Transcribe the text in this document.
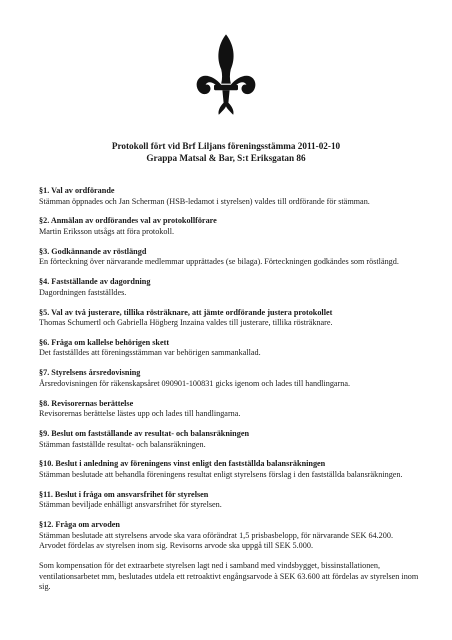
Protokoll fört vid Brf Liljans föreningsstämma 2011-02-10
Grappa Matsal & Bar, S:t Eriksgatan 86
§1. Val av ordförande

Stämman öppnades och Jan Scherman (HSB-ledamot i styrelsen) valdes till ordförande för stämman.

§2. Anmälan av ordförandes val av protokollförare

Martin Eriksson utsågs att föra protokoll.

§3. Godkännande av röstlängd

En förteckning över närvarande medlemmar upprättades (se bilaga). Förteckningen godkändes som röstlängd.

§4. Fastställande av dagordning

Dagordningen fastställdes.

§5. Val av två justerare, tillika rösträknare, att jämte ordförande justera protokollet

Thomas Schumertl och Gabriella Högberg Inzaina valdes till justerare, tillika rösträknare.

§6. Fråga om kallelse behörigen skett

Det fastställdes att föreningsstämman var behörigen sammankallad.

§7. Styrelsens årsredovisning

Årsredovisningen för räkenskapsåret 090901-100831 gicks igenom och lades till handlingarna.

§8. Revisorernas berättelse

Revisorernas berättelse lästes upp och lades till handlingarna.

§9. Beslut om fastställande av resultat- och balansräkningen

Stämman fastställde resultat- och balansräkningen.

§10. Beslut i anledning av föreningens vinst enligt den fastställda balansräkningen

Stämman beslutade att behandla föreningens resultat enligt styrelsens förslag i den fastställda balansräkningen.

§11. Beslut i fråga om ansvarsfrihet för styrelsen

Stämman beviljade enhälligt ansvarsfrihet för styrelsen.

§12. Fråga om arvoden

Stämman beslutade att styrelsens arvode ska vara oförändrat 1,5 prisbasbelopp, för närvarande SEK 64.200. Arvodet fördelas av styrelsen inom sig. Revisorns arvode ska uppgå till SEK 5.000.

Som kompensation för det extraarbete styrelsen lagt ned i samband med vindsbygget, bissinstallationen, ventilationsarbetet mm, beslutades utdela ett retroaktivt engångsarvode à SEK 63.600 att fördelas av styrelsen inom sig.
